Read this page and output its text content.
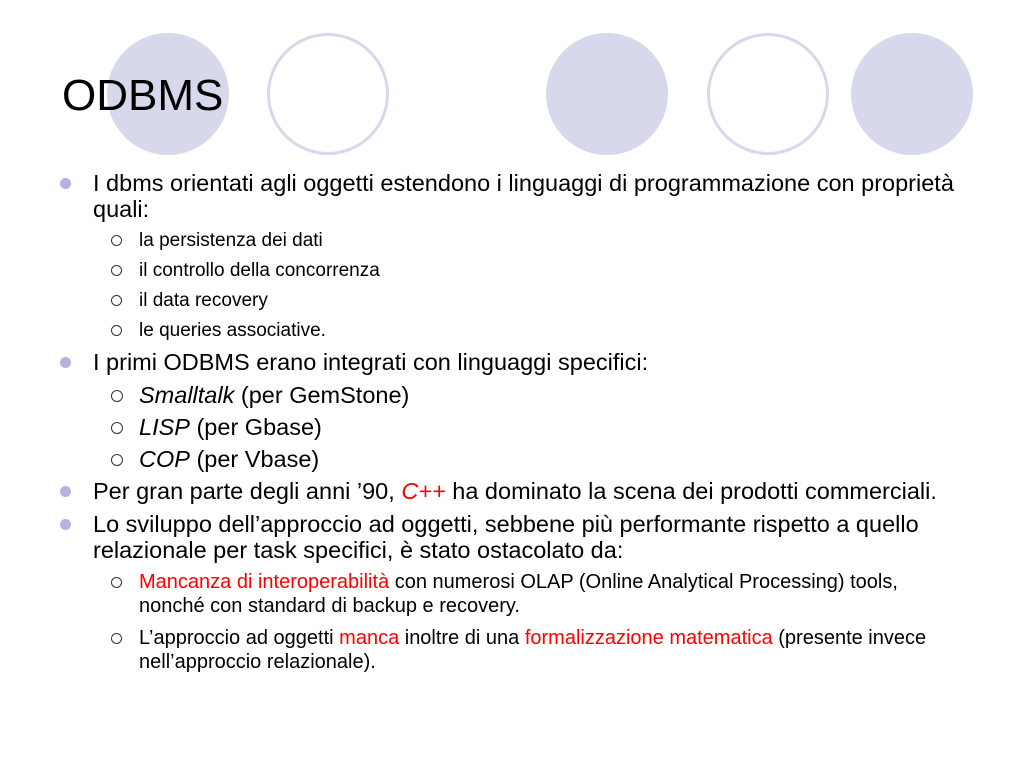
ODBMS
I dbms orientati agli oggetti estendono i linguaggi di programmazione con proprietà quali:
la persistenza dei dati
il controllo della concorrenza
il data recovery
le queries associative.
I primi ODBMS erano integrati con linguaggi specifici:
Smalltalk (per GemStone)
LISP (per Gbase)
COP (per Vbase)
Per gran parte degli anni ’90, C++ ha dominato la scena dei prodotti commerciali.
Lo sviluppo dell’approccio ad oggetti, sebbene più performante rispetto a quello relazionale per task specifici, è stato ostacolato da:
Mancanza di interoperabilità con numerosi OLAP (Online Analytical Processing) tools, nonché con standard di backup e recovery.
L’approccio ad oggetti manca inoltre di una formalizzazione matematica (presente invece nell’approccio relazionale).
